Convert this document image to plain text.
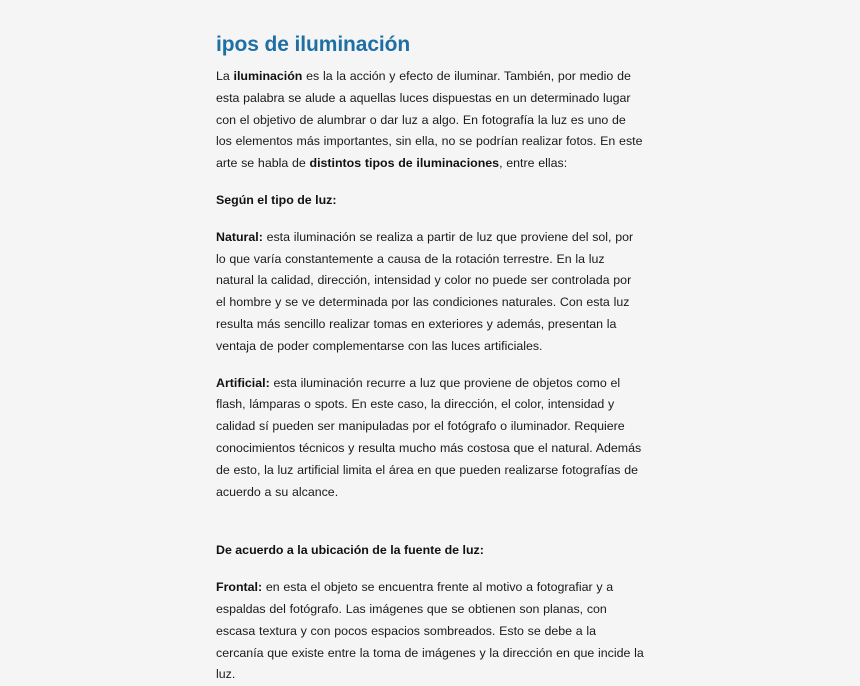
ipos de iluminación

La iluminación es la la acción y efecto de iluminar. También, por medio de esta palabra se alude a aquellas luces dispuestas en un determinado lugar con el objetivo de alumbrar o dar luz a algo. En fotografía la luz es uno de los elementos más importantes, sin ella, no se podrían realizar fotos. En este arte se habla de distintos tipos de iluminaciones, entre ellas:

Según el tipo de luz:

Natural: esta iluminación se realiza a partir de luz que proviene del sol, por lo que varía constantemente a causa de la rotación terrestre. En la luz natural la calidad, dirección, intensidad y color no puede ser controlada por el hombre y se ve determinada por las condiciones naturales. Con esta luz resulta más sencillo realizar tomas en exteriores y además, presentan la ventaja de poder complementarse con las luces artificiales.

Artificial: esta iluminación recurre a luz que proviene de objetos como el flash, lámparas o spots. En este caso, la dirección, el color, intensidad y calidad sí pueden ser manipuladas por el fotógrafo o iluminador. Requiere conocimientos técnicos y resulta mucho más costosa que el natural. Además de esto, la luz artificial limita el área en que pueden realizarse fotografías de acuerdo a su alcance.

De acuerdo a la ubicación de la fuente de luz:

Frontal: en esta el objeto se encuentra frente al motivo a fotografiar y a espaldas del fotógrafo. Las imágenes que se obtienen son planas, con escasa textura y con pocos espacios sombreados. Esto se debe a la cercanía que existe entre la toma de imágenes y la dirección en que incide la luz.
